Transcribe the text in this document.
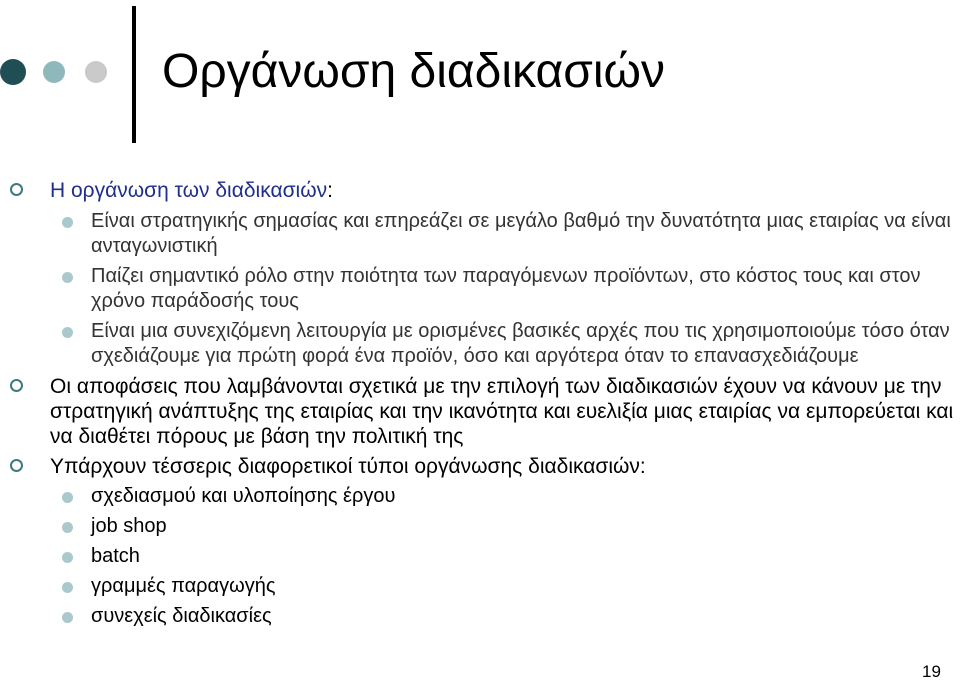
Οργάνωση διαδικασιών
Η οργάνωση των διαδικασιών:
Είναι στρατηγικής σημασίας και επηρεάζει σε μεγάλο βαθμό την δυνατότητα μιας εταιρίας να είναι ανταγωνιστική
Παίζει σημαντικό ρόλο στην ποιότητα των παραγόμενων προϊόντων, στο κόστος τους και στον χρόνο παράδοσής τους
Είναι μια συνεχιζόμενη λειτουργία με ορισμένες βασικές αρχές που τις χρησιμοποιούμε τόσο όταν σχεδιάζουμε για πρώτη φορά ένα προϊόν, όσο και αργότερα όταν το επανασχεδιάζουμε
Οι αποφάσεις που λαμβάνονται σχετικά με την επιλογή των διαδικασιών έχουν να κάνουν με την στρατηγική ανάπτυξης της εταιρίας και την ικανότητα και ευελιξία μιας εταιρίας να εμπορεύεται και να διαθέτει πόρους με βάση την πολιτική της
Υπάρχουν τέσσερις διαφορετικοί τύποι οργάνωσης διαδικασιών:
σχεδιασμού και υλοποίησης έργου
job shop
batch
γραμμές παραγωγής
συνεχείς διαδικασίες
19
